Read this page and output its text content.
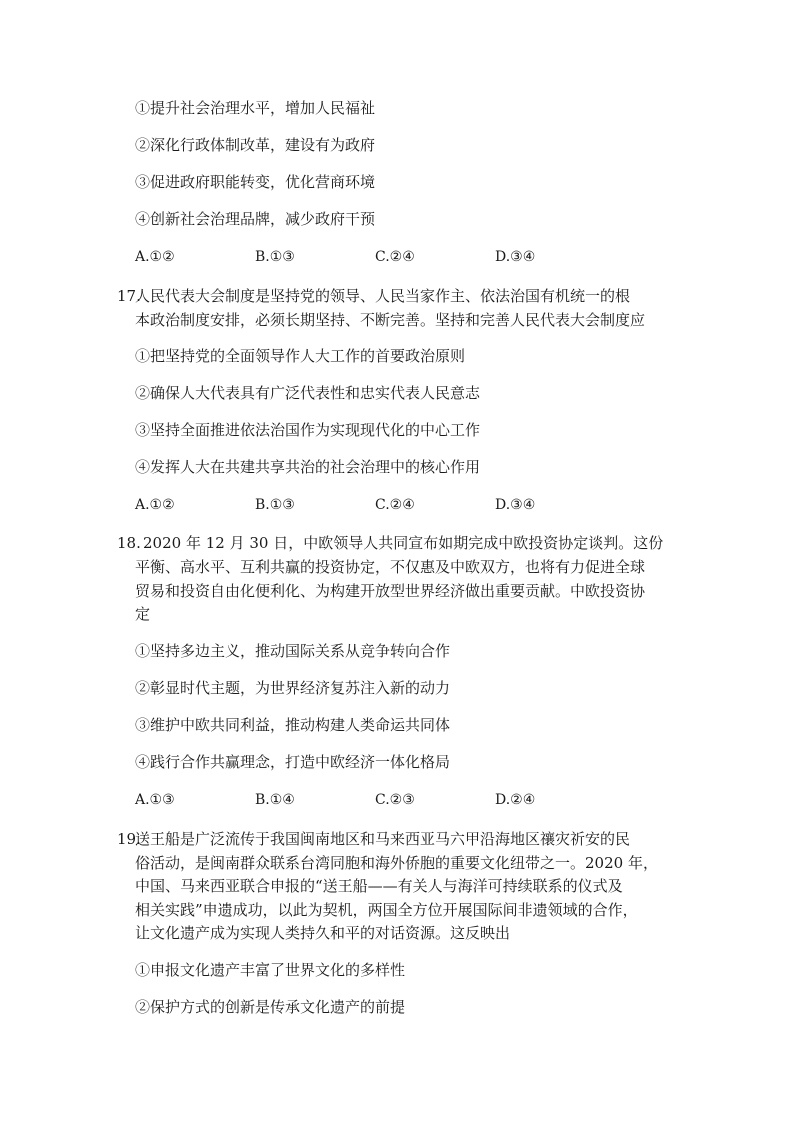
①提升社会治理水平，增加人民福祉
②深化行政体制改革，建设有为政府
③促进政府职能转变，优化营商环境
④创新社会治理品牌，减少政府干预
A.①②	B.①③	C.②④	D.③④
17.
人民代表大会制度是坚持党的领导、人民当家作主、依法治国有机统一的根
本政治制度安排，必须长期坚持、不断完善。坚持和完善人民代表大会制度应
①把坚持党的全面领导作人大工作的首要政治原则
②确保人大代表具有广泛代表性和忠实代表人民意志
③坚持全面推进依法治国作为实现现代化的中心工作
④发挥人大在共建共享共治的社会治理中的核心作用
A.①②	B.①③	C.②④	D.③④
18. 2020 年 12 月 30 日，中欧领导人共同宣布如期完成中欧投资协定谈判。这份
平衡、高水平、互利共赢的投资协定，不仅惠及中欧双方，也将有力促进全球
贸易和投资自由化便利化、为构建开放型世界经济做出重要贡献。中欧投资协
定
①坚持多边主义，推动国际关系从竞争转向合作
②彰显时代主题，为世界经济复苏注入新的动力
③维护中欧共同利益，推动构建人类命运共同体
④践行合作共赢理念，打造中欧经济一体化格局
A.①③	B.①④	C.②③	D.②④
19.
送王船是广泛流传于我国闽南地区和马来西亚马六甲沿海地区禳灾祈安的民
俗活动，是闽南群众联系台湾同胞和海外侨胞的重要文化纽带之一。2020 年，
中国、马来西亚联合申报的“送王船——有关人与海洋可持续联系的仪式及
相关实践”申遗成功，以此为契机，两国全方位开展国际间非遗领域的合作，
让文化遗产成为实现人类持久和平的对话资源。这反映出
①申报文化遗产丰富了世界文化的多样性
②保护方式的创新是传承文化遗产的前提
